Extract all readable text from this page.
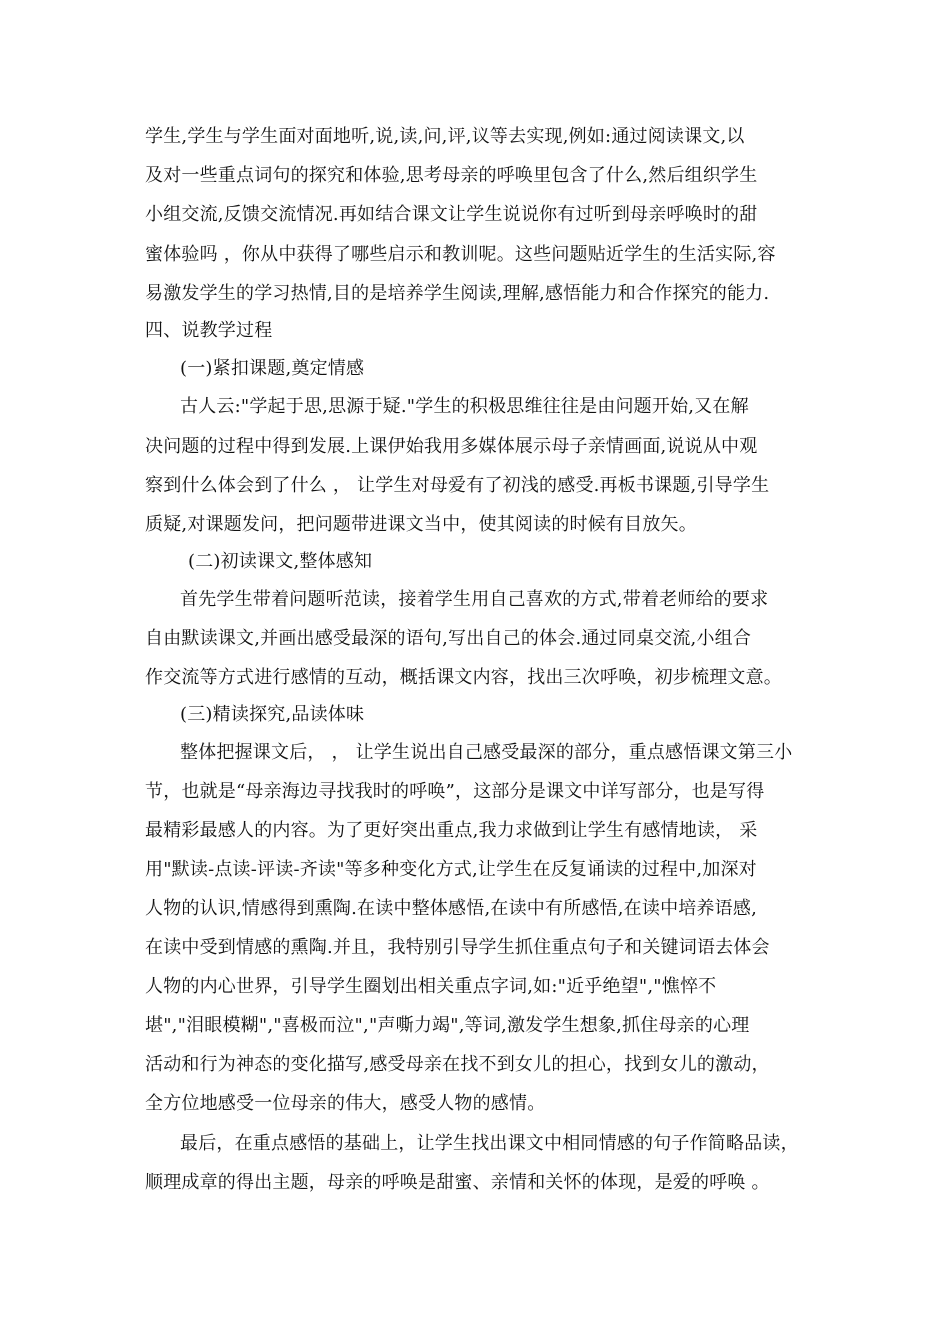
学生,学生与学生面对面地听,说,读,问,评,议等去实现,例如:通过阅读课文,以
及对一些重点词句的探究和体验,思考母亲的呼唤里包含了什么,然后组织学生
小组交流,反馈交流情况.再如结合课文让学生说说你有过听到母亲呼唤时的甜
蜜体验吗 ，你从中获得了哪些启示和教训呢。这些问题贴近学生的生活实际,容
易激发学生的学习热情,目的是培养学生阅读,理解,感悟能力和合作探究的能力.
四、说教学过程
(一)紧扣课题,奠定情感
古人云:"学起于思,思源于疑."学生的积极思维往往是由问题开始,又在解
决问题的过程中得到发展.上课伊始我用多媒体展示母子亲情画面,说说从中观
察到什么体会到了什么 ， 让学生对母爱有了初浅的感受.再板书课题,引导学生
质疑,对课题发问，把问题带进课文当中，使其阅读的时候有目放矢。
(二)初读课文,整体感知
首先学生带着问题听范读，接着学生用自己喜欢的方式,带着老师给的要求
自由默读课文,并画出感受最深的语句,写出自己的体会.通过同桌交流,小组合
作交流等方式进行感情的互动，概括课文内容，找出三次呼唤，初步梳理文意。
(三)精读探究,品读体味
整体把握课文后， ， 让学生说出自己感受最深的部分，重点感悟课文第三小
节，也就是“母亲海边寻找我时的呼唤”，这部分是课文中详写部分，也是写得
最精彩最感人的内容。为了更好突出重点,我力求做到让学生有感情地读， 采
用"默读-点读-评读-齐读"等多种变化方式,让学生在反复诵读的过程中,加深对
人物的认识,情感得到熏陶.在读中整体感悟,在读中有所感悟,在读中培养语感,
在读中受到情感的熏陶.并且，我特别引导学生抓住重点句子和关键词语去体会
人物的内心世界，引导学生圈划出相关重点字词,如:"近乎绝望","憔悴不
堪","泪眼模糊","喜极而泣","声嘶力竭",等词,激发学生想象,抓住母亲的心理
活动和行为神态的变化描写,感受母亲在找不到女儿的担心，找到女儿的激动，
全方位地感受一位母亲的伟大，感受人物的感情。
最后，在重点感悟的基础上，让学生找出课文中相同情感的句子作简略品读，
顺理成章的得出主题，母亲的呼唤是甜蜜、亲情和关怀的体现，是爱的呼唤 。
